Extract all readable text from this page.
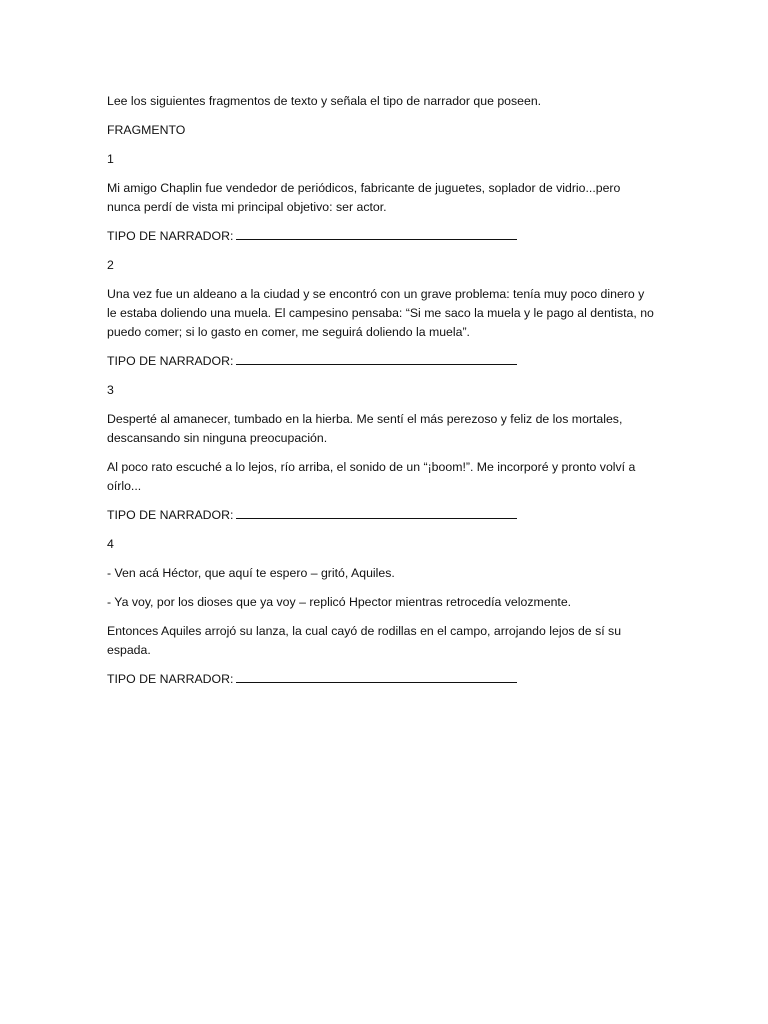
Lee los siguientes fragmentos de texto y señala el tipo de narrador que poseen.

FRAGMENTO

1

Mi amigo Chaplin fue vendedor de periódicos, fabricante de juguetes, soplador de vidrio...pero

nunca perdí de vista mi principal objetivo: ser actor.

TIPO DE NARRADOR:

2

Una vez fue un aldeano a la ciudad y se encontró con un grave problema: tenía muy poco dinero y

le estaba doliendo una muela. El campesino pensaba: “Si me saco la muela y le pago al dentista, no

puedo comer; si lo gasto en comer, me seguirá doliendo la muela”.

TIPO DE NARRADOR:

3

Desperté al amanecer, tumbado en la hierba. Me sentí el más perezoso y feliz de los mortales,

descansando sin ninguna preocupación.

Al poco rato escuché a lo lejos, río arriba, el sonido de un “¡boom!”. Me incorporé y pronto volví a

oírlo...

TIPO DE NARRADOR:

4

- Ven acá Héctor, que aquí te espero – gritó, Aquiles.

- Ya voy, por los dioses que ya voy – replicó Hpector mientras retrocedía velozmente.

Entonces Aquiles arrojó su lanza, la cual cayó de rodillas en el campo, arrojando lejos de sí su

espada.

TIPO DE NARRADOR:
